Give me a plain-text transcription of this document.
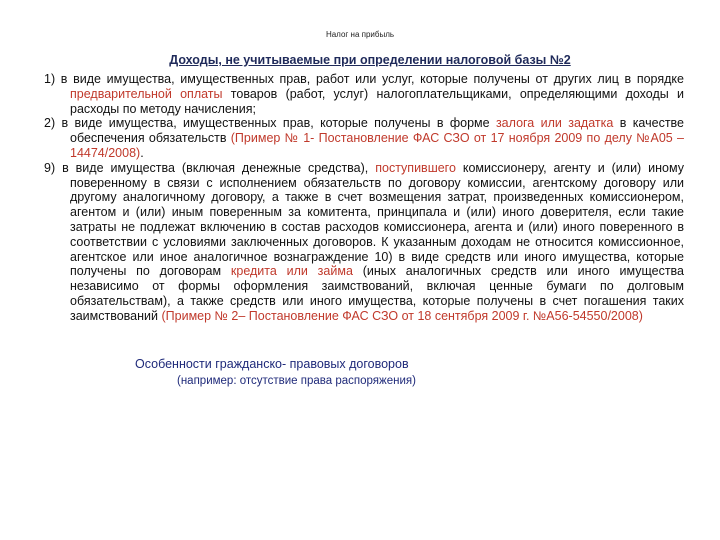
Налог на прибыль
Доходы, не учитываемые при определении налоговой базы №2

1) в виде имущества, имущественных прав, работ или услуг, которые получены от других лиц в порядке предварительной оплаты товаров (работ, услуг) налогоплательщиками, определяющими доходы и расходы по методу начисления;

2) в виде имущества, имущественных прав, которые получены в форме залога или задатка в качестве обеспечения обязательств (Пример № 1- Постановление ФАС СЗО от 17 ноября 2009 по делу №А05 – 14474/2008).

9) в виде имущества (включая денежные средства), поступившего комиссионеру, агенту и (или) иному поверенному в связи с исполнением обязательств по договору комиссии, агентскому договору или другому аналогичному договору, а также в счет возмещения затрат, произведенных комиссионером, агентом и (или) иным поверенным за комитента, принципала и (или) иного доверителя, если такие затраты не подлежат включению в состав расходов комиссионера, агента и (или) иного поверенного в соответствии с условиями заключенных договоров. К указанным доходам не относится комиссионное, агентское или иное аналогичное вознаграждение 10) в виде средств или иного имущества, которые получены по договорам кредита или займа (иных аналогичных средств или иного имущества независимо от формы оформления заимствований, включая ценные бумаги по долговым обязательствам), а также средств или иного имущества, которые получены в счет погашения таких заимствований (Пример № 2– Постановление ФАС СЗО от 18 сентября 2009 г. №А56-54550/2008)

Особенности гражданско- правовых договоров
(например: отсутствие права распоряжения)
